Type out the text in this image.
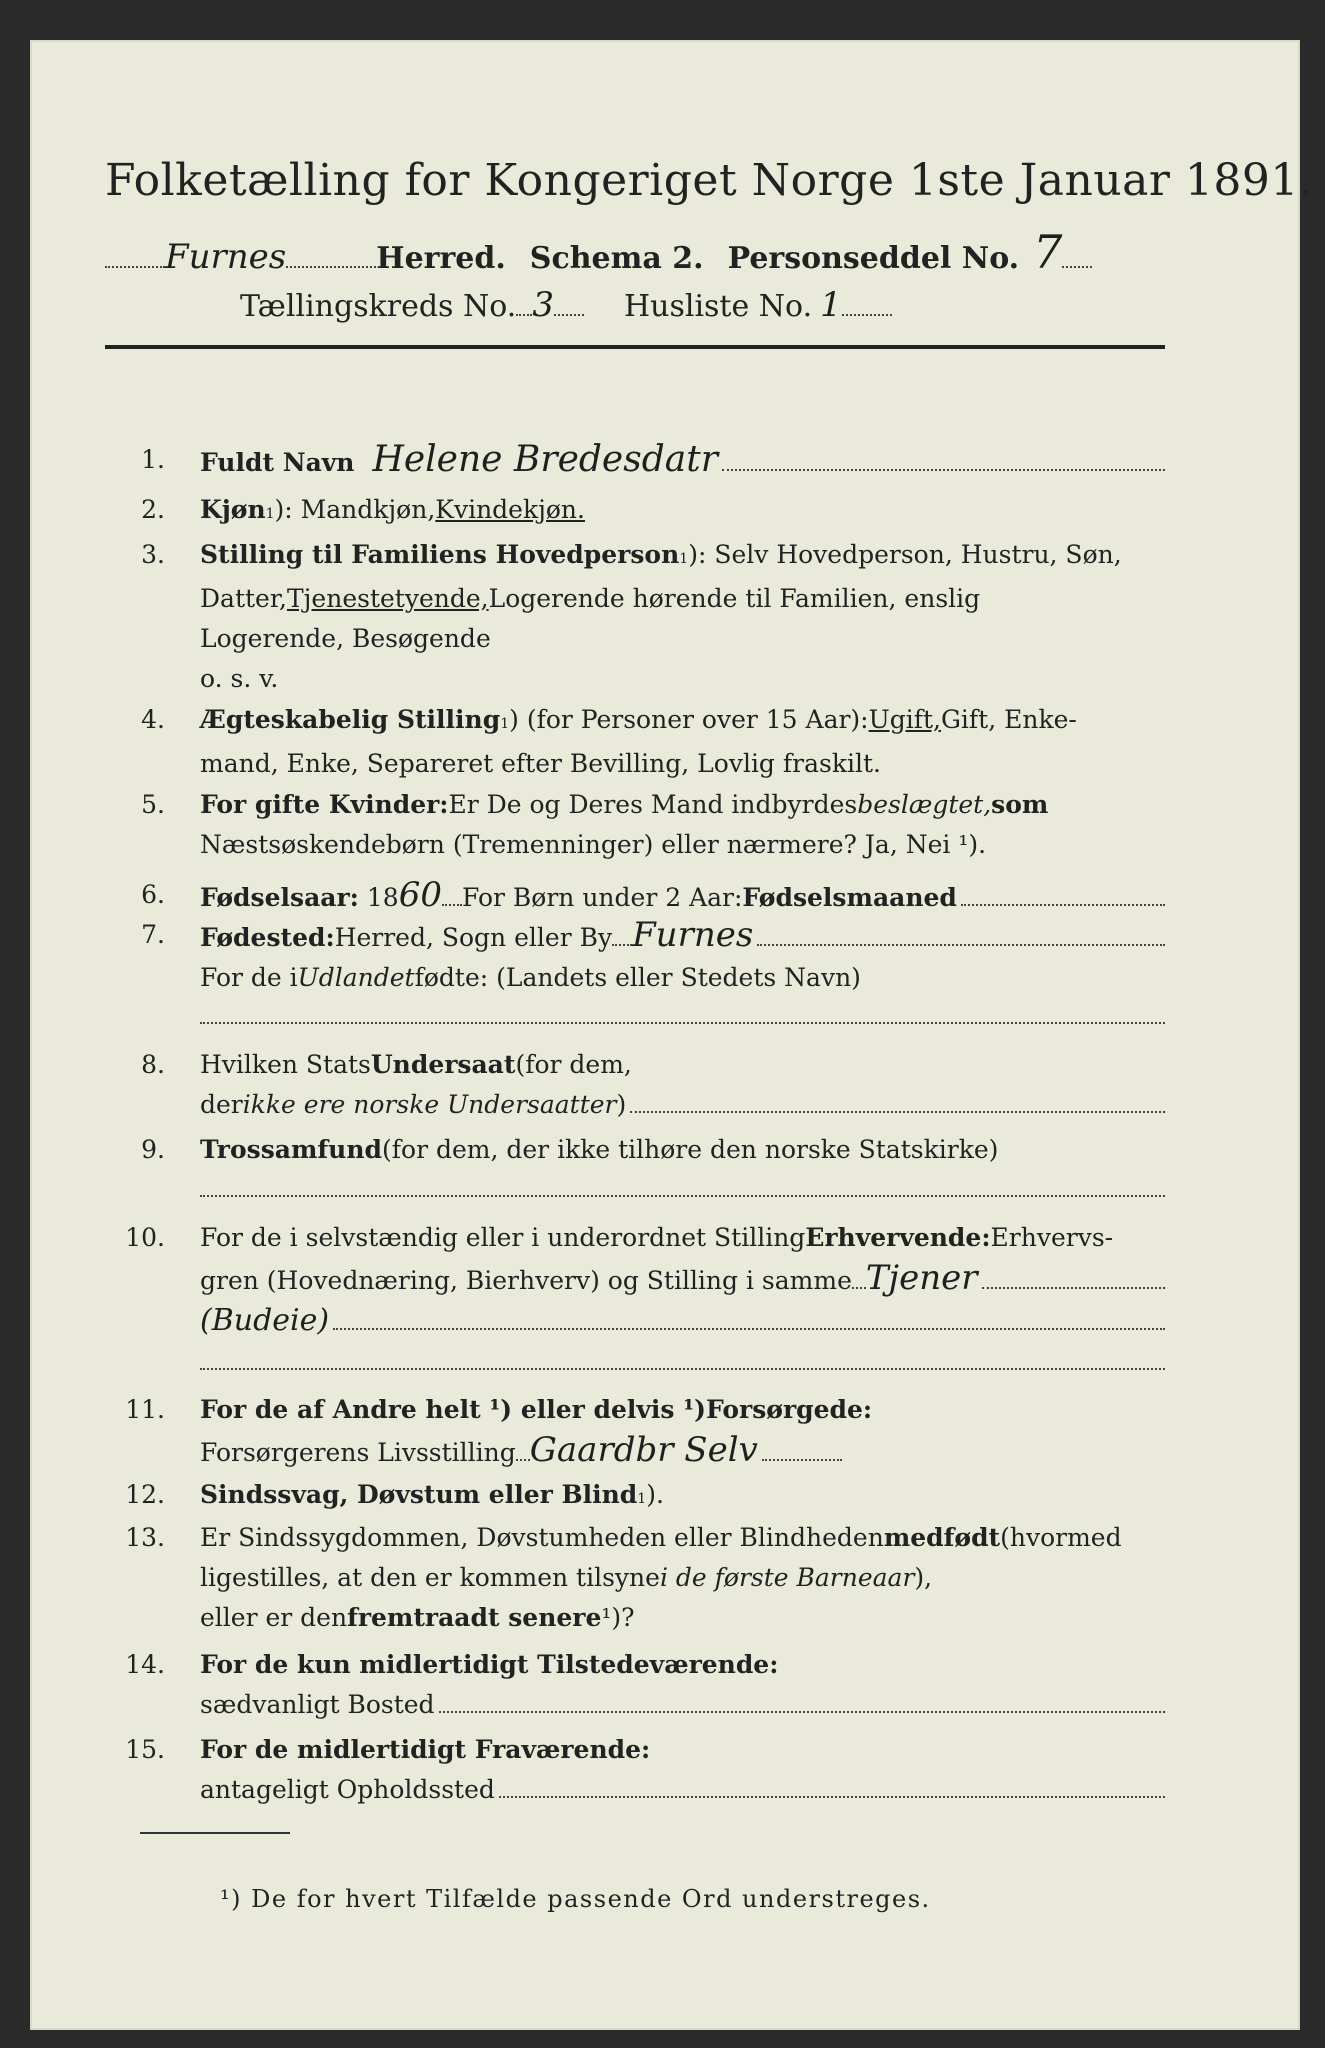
Folketælling for Kongeriget Norge 1ste Januar 1891.
Furnes	Herred. Schema 2. Personseddel No. 7
Tællingskreds No. 3 Husliste No. 1
1. Fuldt Navn Helene Bredesdatr
2. Kjøn 1 ): Mandkjøn, Kvindekjøn.
3. Stilling til Familiens Hovedperson 1 ): Selv Hovedperson, Hustru, Søn,
Datter, Tjenestetyende, Logerende hørende til Familien, enslig
Logerende, Besøgende
o. s. v.
4. Ægteskabelig Stilling 1 ) (for Personer over 15 Aar): Ugift, Gift, Enke-
mand, Enke, Separeret efter Bevilling, Lovlig fraskilt.
5. For gifte Kvinder: Er De og Deres Mand indbyrdes beslægtet, som
Næstsøskendebørn (Tremenninger) eller nærmere? Ja, Nei ¹).
6. Fødselsaar: 18 60 For Børn under 2 Aar: Fødselsmaaned
7. Fødested: Herred, Sogn eller By Furnes
For de i Udlandet fødte: (Landets eller Stedets Navn)
8. Hvilken Stats Undersaat (for dem,
der ikke ere norske Undersaatter )
9. Trossamfund (for dem, der ikke tilhøre den norske Statskirke)
10. For de i selvstændig eller i underordnet Stilling Erhvervende: Erhvervs-
gren (Hovednæring, Bierhverv) og Stilling i samme Tjener
(Budeie)
11. For de af Andre helt ¹) eller delvis ¹) Forsørgede:
Forsørgerens Livsstilling Gaardbr Selv
12. Sindssvag, Døvstum eller Blind 1 ).
13. Er Sindssygdommen, Døvstumheden eller Blindheden medfødt (hvormed
ligestilles, at den er kommen tilsyne i de første Barneaar ),
eller er den fremtraadt senere ¹)?
14. For de kun midlertidigt Tilstedeværende:
sædvanligt Bosted
15. For de midlertidigt Fraværende:
antageligt Opholdssted
¹) De for hvert Tilfælde passende Ord understreges.
